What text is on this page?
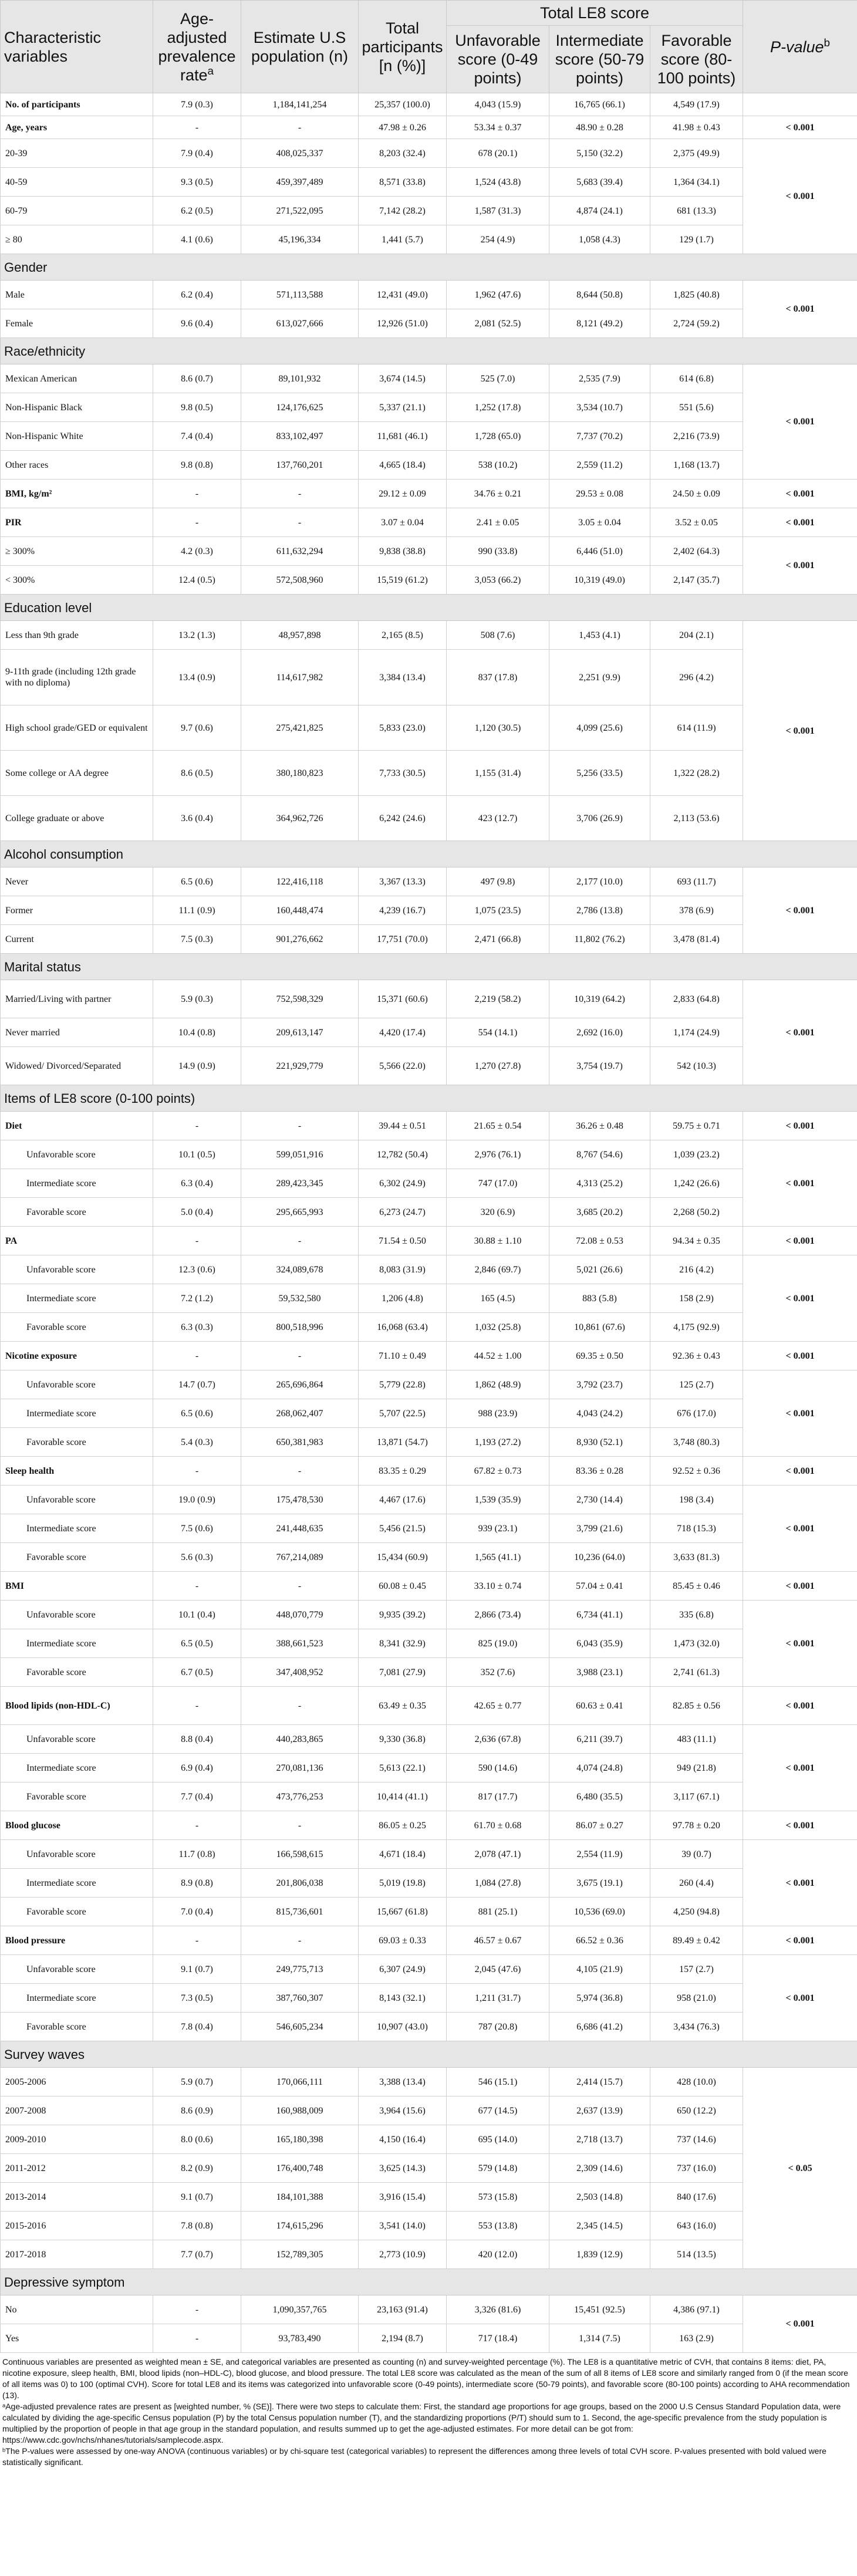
Characteristic variables	Age-adjusted prevalence rate$^a$	Estimate U.S population (n)	Total participants [n (%)]	Total LE8 score			P-value$^b$
				Unfavorable score (0-49 points)	Intermediate score (50-79 points)	Favorable score (80-100 points)	
No. of participants	7.9 (0.3)	1,184,141,254	25,357 (100.0)	4,043 (15.9)	16,765 (66.1)	4,549 (17.9)	
Age, years	-	-	47.98 ± 0.26	53.34 ± 0.37	48.90 ± 0.28	41.98 ± 0.43	< 0.001
20-39	7.9 (0.4)	408,025,337	8,203 (32.4)	678 (20.1)	5,150 (32.2)	2,375 (49.9)	< 0.001
40-59	9.3 (0.5)	459,397,489	8,571 (33.8)	1,524 (43.8)	5,683 (39.4)	1,364 (34.1)	
60-79	6.2 (0.5)	271,522,095	7,142 (28.2)	1,587 (31.3)	4,874 (24.1)	681 (13.3)	
≥ 80	4.1 (0.6)	45,196,334	1,441 (5.7)	254 (4.9)	1,058 (4.3)	129 (1.7)	
Gender							
Male	6.2 (0.4)	571,113,588	12,431 (49.0)	1,962 (47.6)	8,644 (50.8)	1,825 (40.8)	< 0.001
Female	9.6 (0.4)	613,027,666	12,926 (51.0)	2,081 (52.5)	8,121 (49.2)	2,724 (59.2)	
Race/ethnicity							
Mexican American	8.6 (0.7)	89,101,932	3,674 (14.5)	525 (7.0)	2,535 (7.9)	614 (6.8)	< 0.001
Non-Hispanic Black	9.8 (0.5)	124,176,625	5,337 (21.1)	1,252 (17.8)	3,534 (10.7)	551 (5.6)	
Non-Hispanic White	7.4 (0.4)	833,102,497	11,681 (46.1)	1,728 (65.0)	7,737 (70.2)	2,216 (73.9)	
Other races	9.8 (0.8)	137,760,201	4,665 (18.4)	538 (10.2)	2,559 (11.2)	1,168 (13.7)	
BMI, kg/m²	-	-	29.12 ± 0.09	34.76 ± 0.21	29.53 ± 0.08	24.50 ± 0.09	< 0.001
PIR	-	-	3.07 ± 0.04	2.41 ± 0.05	3.05 ± 0.04	3.52 ± 0.05	< 0.001
≥ 300%	4.2 (0.3)	611,632,294	9,838 (38.8)	990 (33.8)	6,446 (51.0)	2,402 (64.3)	< 0.001
< 300%	12.4 (0.5)	572,508,960	15,519 (61.2)	3,053 (66.2)	10,319 (49.0)	2,147 (35.7)	
Education level							
Less than 9th grade	13.2 (1.3)	48,957,898	2,165 (8.5)	508 (7.6)	1,453 (4.1)	204 (2.1)	< 0.001
9-11th grade (including 12th grade with no diploma)	13.4 (0.9)	114,617,982	3,384 (13.4)	837 (17.8)	2,251 (9.9)	296 (4.2)	
High school grade/GED or equivalent	9.7 (0.6)	275,421,825	5,833 (23.0)	1,120 (30.5)	4,099 (25.6)	614 (11.9)	
Some college or AA degree	8.6 (0.5)	380,180,823	7,733 (30.5)	1,155 (31.4)	5,256 (33.5)	1,322 (28.2)	
College graduate or above	3.6 (0.4)	364,962,726	6,242 (24.6)	423 (12.7)	3,706 (26.9)	2,113 (53.6)	
Alcohol consumption							
Never	6.5 (0.6)	122,416,118	3,367 (13.3)	497 (9.8)	2,177 (10.0)	693 (11.7)	< 0.001
Former	11.1 (0.9)	160,448,474	4,239 (16.7)	1,075 (23.5)	2,786 (13.8)	378 (6.9)	
Current	7.5 (0.3)	901,276,662	17,751 (70.0)	2,471 (66.8)	11,802 (76.2)	3,478 (81.4)	
Marital status							
Married/Living with partner	5.9 (0.3)	752,598,329	15,371 (60.6)	2,219 (58.2)	10,319 (64.2)	2,833 (64.8)	< 0.001
Never married	10.4 (0.8)	209,613,147	4,420 (17.4)	554 (14.1)	2,692 (16.0)	1,174 (24.9)	
Widowed/ Divorced/Separated	14.9 (0.9)	221,929,779	5,566 (22.0)	1,270 (27.8)	3,754 (19.7)	542 (10.3)	
Items of LE8 score (0-100 points)							
Diet	-	-	39.44 ± 0.51	21.65 ± 0.54	36.26 ± 0.48	59.75 ± 0.71	< 0.001
Unfavorable score	10.1 (0.5)	599,051,916	12,782 (50.4)	2,976 (76.1)	8,767 (54.6)	1,039 (23.2)	< 0.001
Intermediate score	6.3 (0.4)	289,423,345	6,302 (24.9)	747 (17.0)	4,313 (25.2)	1,242 (26.6)	
Favorable score	5.0 (0.4)	295,665,993	6,273 (24.7)	320 (6.9)	3,685 (20.2)	2,268 (50.2)	
PA	-	-	71.54 ± 0.50	30.88 ± 1.10	72.08 ± 0.53	94.34 ± 0.35	< 0.001
Unfavorable score	12.3 (0.6)	324,089,678	8,083 (31.9)	2,846 (69.7)	5,021 (26.6)	216 (4.2)	< 0.001
Intermediate score	7.2 (1.2)	59,532,580	1,206 (4.8)	165 (4.5)	883 (5.8)	158 (2.9)	
Favorable score	6.3 (0.3)	800,518,996	16,068 (63.4)	1,032 (25.8)	10,861 (67.6)	4,175 (92.9)	
Nicotine exposure	-	-	71.10 ± 0.49	44.52 ± 1.00	69.35 ± 0.50	92.36 ± 0.43	< 0.001
Unfavorable score	14.7 (0.7)	265,696,864	5,779 (22.8)	1,862 (48.9)	3,792 (23.7)	125 (2.7)	< 0.001
Intermediate score	6.5 (0.6)	268,062,407	5,707 (22.5)	988 (23.9)	4,043 (24.2)	676 (17.0)	
Favorable score	5.4 (0.3)	650,381,983	13,871 (54.7)	1,193 (27.2)	8,930 (52.1)	3,748 (80.3)	
Sleep health	-	-	83.35 ± 0.29	67.82 ± 0.73	83.36 ± 0.28	92.52 ± 0.36	< 0.001
Unfavorable score	19.0 (0.9)	175,478,530	4,467 (17.6)	1,539 (35.9)	2,730 (14.4)	198 (3.4)	< 0.001
Intermediate score	7.5 (0.6)	241,448,635	5,456 (21.5)	939 (23.1)	3,799 (21.6)	718 (15.3)	
Favorable score	5.6 (0.3)	767,214,089	15,434 (60.9)	1,565 (41.1)	10,236 (64.0)	3,633 (81.3)	
BMI	-	-	60.08 ± 0.45	33.10 ± 0.74	57.04 ± 0.41	85.45 ± 0.46	< 0.001
Unfavorable score	10.1 (0.4)	448,070,779	9,935 (39.2)	2,866 (73.4)	6,734 (41.1)	335 (6.8)	< 0.001
Intermediate score	6.5 (0.5)	388,661,523	8,341 (32.9)	825 (19.0)	6,043 (35.9)	1,473 (32.0)	
Favorable score	6.7 (0.5)	347,408,952	7,081 (27.9)	352 (7.6)	3,988 (23.1)	2,741 (61.3)	
Blood lipids (non-HDL-C)	-	-	63.49 ± 0.35	42.65 ± 0.77	60.63 ± 0.41	82.85 ± 0.56	< 0.001
Unfavorable score	8.8 (0.4)	440,283,865	9,330 (36.8)	2,636 (67.8)	6,211 (39.7)	483 (11.1)	< 0.001
Intermediate score	6.9 (0.4)	270,081,136	5,613 (22.1)	590 (14.6)	4,074 (24.8)	949 (21.8)	
Favorable score	7.7 (0.4)	473,776,253	10,414 (41.1)	817 (17.7)	6,480 (35.5)	3,117 (67.1)	
Blood glucose	-	-	86.05 ± 0.25	61.70 ± 0.68	86.07 ± 0.27	97.78 ± 0.20	< 0.001
Unfavorable score	11.7 (0.8)	166,598,615	4,671 (18.4)	2,078 (47.1)	2,554 (11.9)	39 (0.7)	< 0.001
Intermediate score	8.9 (0.8)	201,806,038	5,019 (19.8)	1,084 (27.8)	3,675 (19.1)	260 (4.4)	
Favorable score	7.0 (0.4)	815,736,601	15,667 (61.8)	881 (25.1)	10,536 (69.0)	4,250 (94.8)	
Blood pressure	-	-	69.03 ± 0.33	46.57 ± 0.67	66.52 ± 0.36	89.49 ± 0.42	< 0.001
Unfavorable score	9.1 (0.7)	249,775,713	6,307 (24.9)	2,045 (47.6)	4,105 (21.9)	157 (2.7)	< 0.001
Intermediate score	7.3 (0.5)	387,760,307	8,143 (32.1)	1,211 (31.7)	5,974 (36.8)	958 (21.0)	
Favorable score	7.8 (0.4)	546,605,234	10,907 (43.0)	787 (20.8)	6,686 (41.2)	3,434 (76.3)	
Survey waves							
2005-2006	5.9 (0.7)	170,066,111	3,388 (13.4)	546 (15.1)	2,414 (15.7)	428 (10.0)	< 0.05
2007-2008	8.6 (0.9)	160,988,009	3,964 (15.6)	677 (14.5)	2,637 (13.9)	650 (12.2)	
2009-2010	8.0 (0.6)	165,180,398	4,150 (16.4)	695 (14.0)	2,718 (13.7)	737 (14.6)	
2011-2012	8.2 (0.9)	176,400,748	3,625 (14.3)	579 (14.8)	2,309 (14.6)	737 (16.0)	
2013-2014	9.1 (0.7)	184,101,388	3,916 (15.4)	573 (15.8)	2,503 (14.8)	840 (17.6)	
2015-2016	7.8 (0.8)	174,615,296	3,541 (14.0)	553 (13.8)	2,345 (14.5)	643 (16.0)	
2017-2018	7.7 (0.7)	152,789,305	2,773 (10.9)	420 (12.0)	1,839 (12.9)	514 (13.5)	
Depressive symptom							
No	-	1,090,357,765	23,163 (91.4)	3,326 (81.6)	15,451 (92.5)	4,386 (97.1)	< 0.001
Yes	-	93,783,490	2,194 (8.7)	717 (18.4)	1,314 (7.5)	163 (2.9)	

Continuous variables are presented as weighted mean ± SE, and categorical variables are presented as counting (n) and survey-weighted percentage (%). The LE8 is a quantitative metric of CVH, that contains 8 items: diet, PA, nicotine exposure, sleep health, BMI, blood lipids (non–HDL-C), blood glucose, and blood pressure. The total LE8 score was calculated as the mean of the sum of all 8 items of LE8 score and similarly ranged from 0 (if the mean score of all items was 0) to 100 (optimal CVH). Score for total LE8 and its items was categorized into unfavorable score (0-49 points), intermediate score (50-79 points), and favorable score (80-100 points) according to AHA recommendation (13).

ᵃAge-adjusted prevalence rates are present as [weighted number, % (SE)]. There were two steps to calculate them: First, the standard age proportions for age groups, based on the 2000 U.S Census Standard Population data, were calculated by dividing the age-specific Census population (P) by the total Census population number (T), and the standardizing proportions (P/T) should sum to 1. Second, the age-specific prevalence from the study population is multiplied by the proportion of people in that age group in the standard population, and results summed up to get the age-adjusted estimates. For more detail can be got from: https://www.cdc.gov/nchs/nhanes/tutorials/samplecode.aspx.

ᵇThe P-values were assessed by one-way ANOVA (continuous variables) or by chi-square test (categorical variables) to represent the differences among three levels of total CVH score. P-values presented with bold valued were statistically significant.
